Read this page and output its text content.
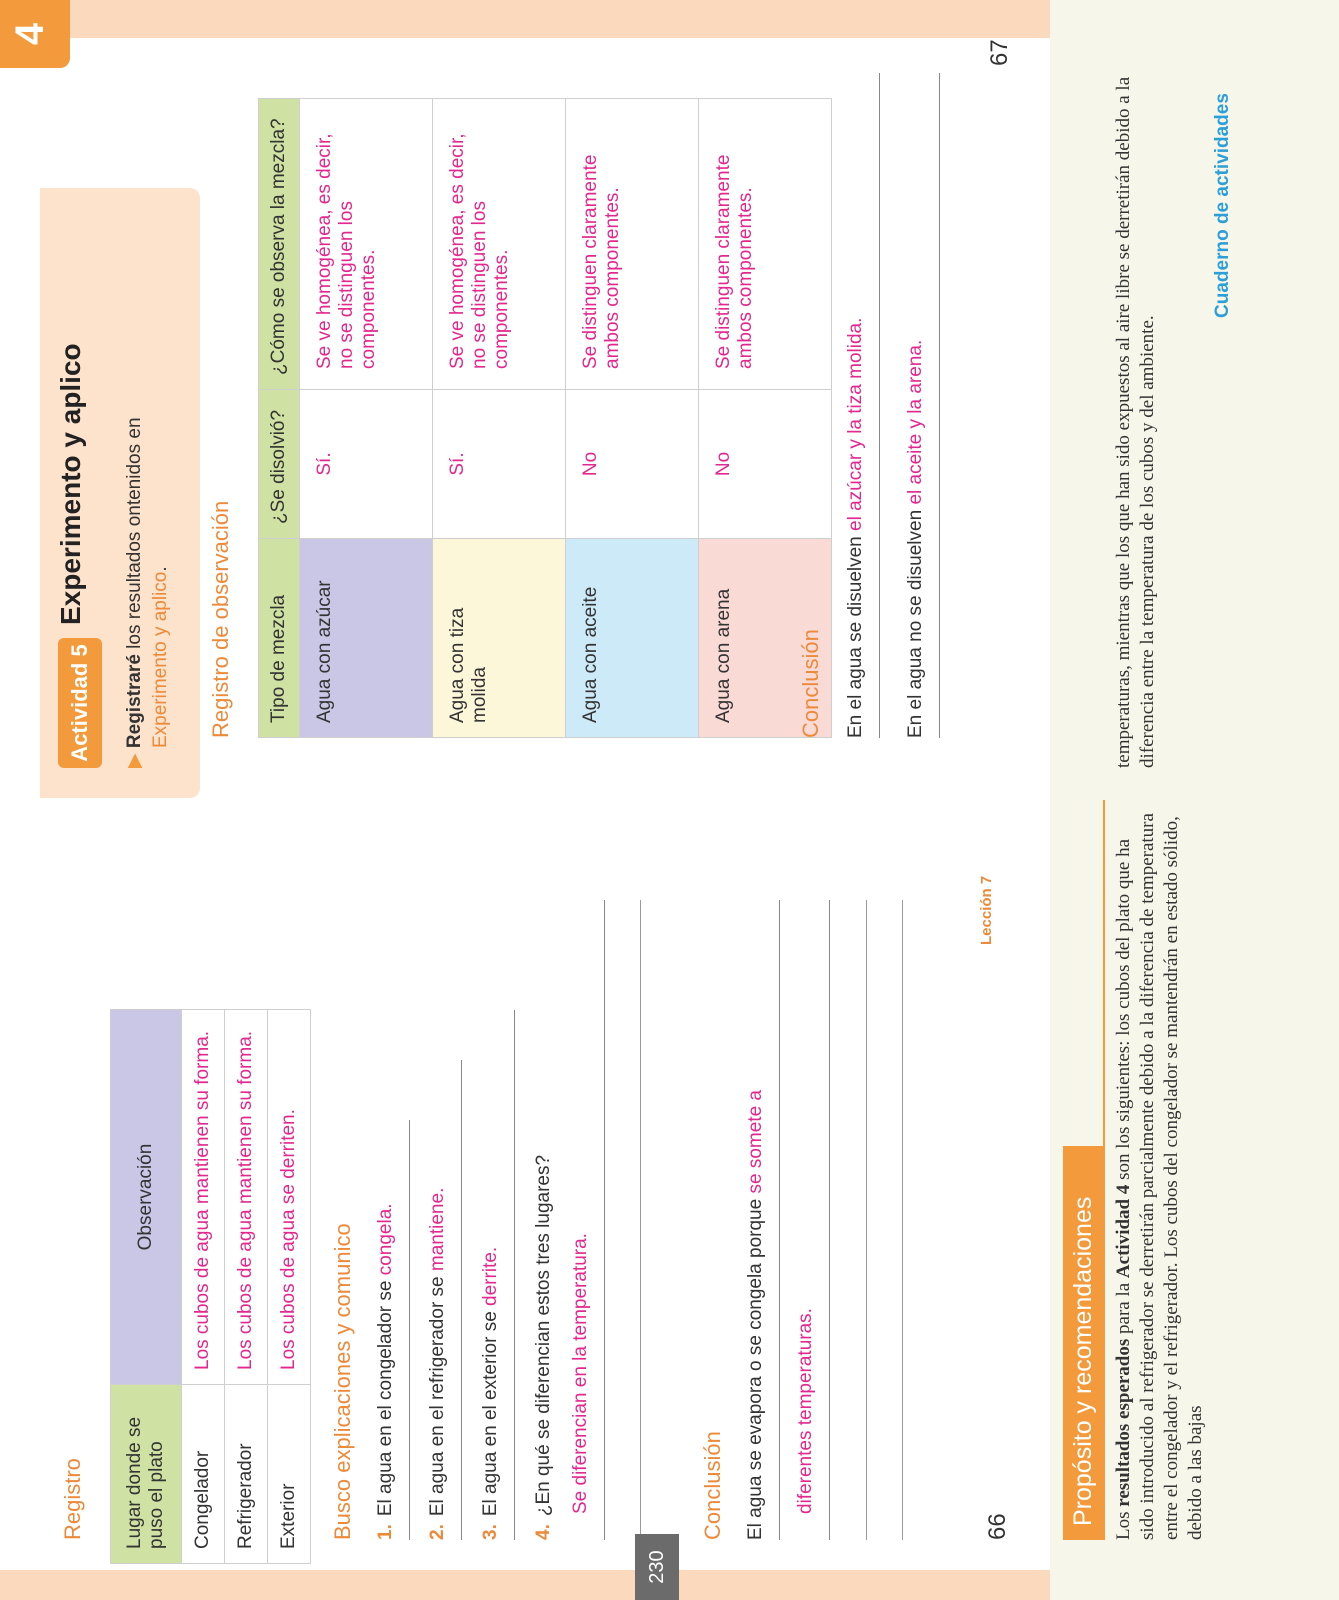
4
Registro Lugar donde se puso el plato	Observación
Congelador	Los cubos de agua mantienen su forma.
Refrigerador	Los cubos de agua mantienen su forma.
Exterior	Los cubos de agua se derriten. Busco explicaciones y comunico 1.El agua en el congelador se congela.
2.El agua en el refrigerador se mantiene.
3.El agua en el exterior se derrite.
4.¿En qué se diferencian estos tres lugares? Se diferencian en la temperatura.	Conclusión El agua se evapora o se congela porque se somete a
diferentes temperaturas.
66
Lección 7
Actividad 5
Experimento y aplico
▶ Registraré los resultados ontenidos en
Experimento y aplico. Registro de observación Tipo de mezcla	¿Se disolvió?	¿Cómo se observa la mezcla?
Agua con azúcar	Sí.	Se ve homogénea, es decir, no se distinguen los componentes.
Agua con tiza molida	Sí.	Se ve homogénea, es decir, no se distinguen los componentes.
Agua con aceite	No	Se distinguen claramente ambos componentes.
Agua con arena	No	Se distinguen claramente ambos componentes.
Conclusión En el agua se disuelven el azúcar y la tiza molida.
En el agua no se disuelven el aceite y la arena.
67
Propósito y recomendaciones Los resultados esperados para la Actividad 4 son los siguientes: los cubos del plato que ha sido introducido al refrigerador se derretirán parcialmente debido a la diferencia de temperatura entre el congelador y el refrigerador. Los cubos del congelador se mantendrán en estado sólido, debido a las bajas
temperaturas, mientras que los que han sido expuestos al aire libre se derretirán debido a la diferencia entre la temperatura de los cubos y del ambiente.
Cuaderno de actividades
230
